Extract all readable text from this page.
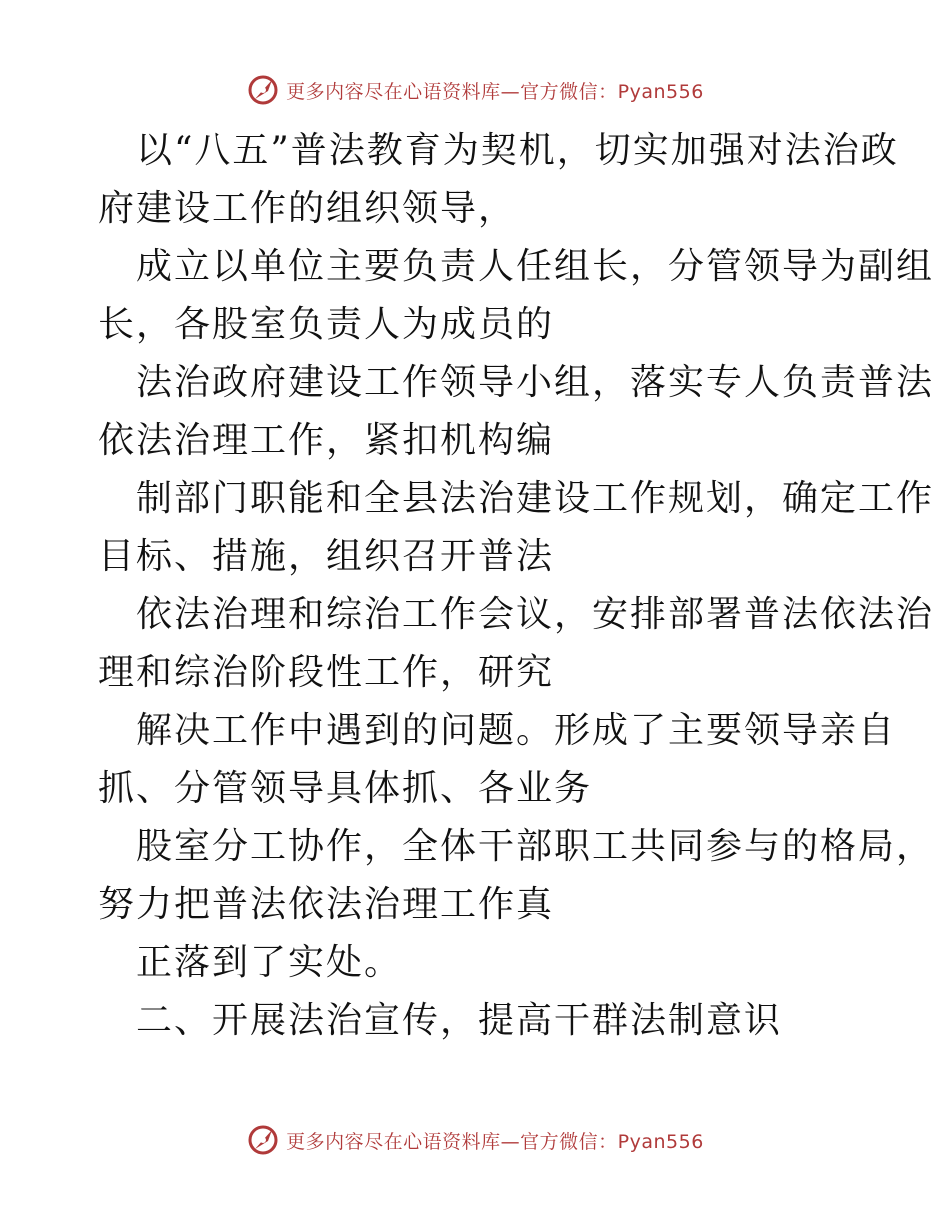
更多内容尽在心语资料库—官方微信：Pyan556
以“八五”普法教育为契机，切实加强对法治政
府建设工作的组织领导，
成立以单位主要负责人任组长，分管领导为副组
长，各股室负责人为成员的
法治政府建设工作领导小组，落实专人负责普法
依法治理工作，紧扣机构编
制部门职能和全县法治建设工作规划，确定工作
目标、措施，组织召开普法
依法治理和综治工作会议，安排部署普法依法治
理和综治阶段性工作，研究
解决工作中遇到的问题。形成了主要领导亲自
抓、分管领导具体抓、各业务
股室分工协作，全体干部职工共同参与的格局，
努力把普法依法治理工作真
正落到了实处。
二、开展法治宣传，提高干群法制意识
更多内容尽在心语资料库—官方微信：Pyan556
